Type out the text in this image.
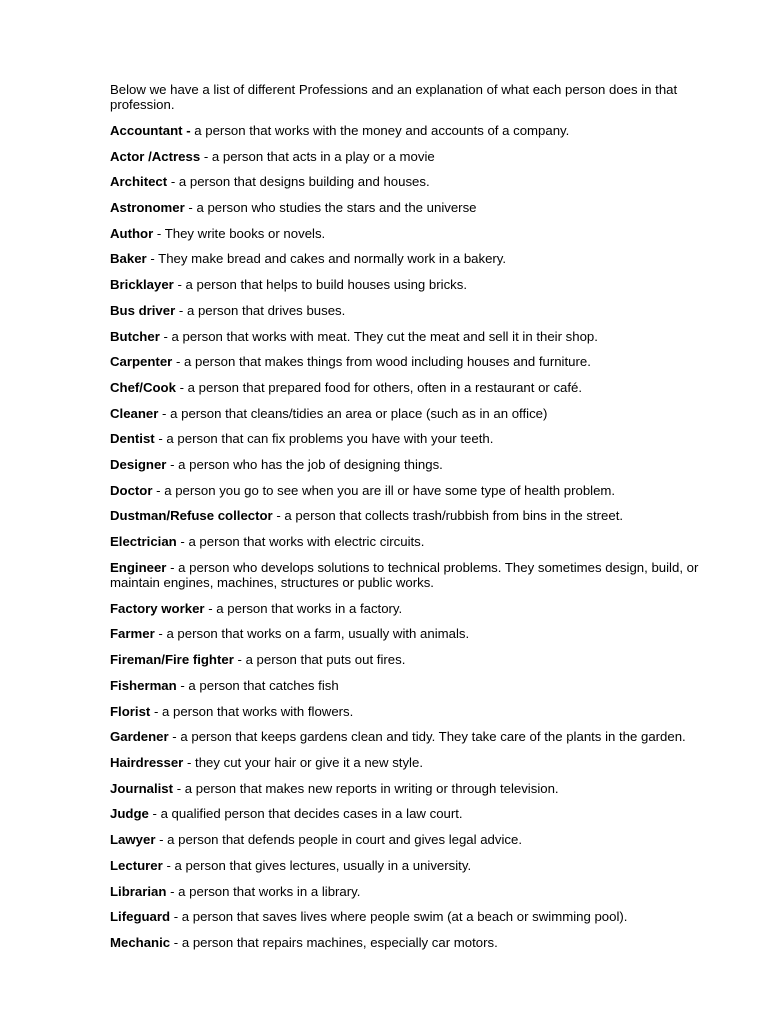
Below we have a list of different Professions and an explanation of what each person does in that profession.

Accountant - a person that works with the money and accounts of a company.

Actor /Actress - a person that acts in a play or a movie

Architect - a person that designs building and houses.

Astronomer - a person who studies the stars and the universe

Author - They write books or novels.

Baker - They make bread and cakes and normally work in a bakery.

Bricklayer - a person that helps to build houses using bricks.

Bus driver - a person that drives buses.

Butcher - a person that works with meat. They cut the meat and sell it in their shop.

Carpenter - a person that makes things from wood including houses and furniture.

Chef/Cook - a person that prepared food for others, often in a restaurant or café.

Cleaner - a person that cleans/tidies an area or place (such as in an office)

Dentist - a person that can fix problems you have with your teeth.

Designer - a person who has the job of designing things.

Doctor - a person you go to see when you are ill or have some type of health problem.

Dustman/Refuse collector - a person that collects trash/rubbish from bins in the street.

Electrician - a person that works with electric circuits.

Engineer - a person who develops solutions to technical problems. They sometimes design, build, or maintain engines, machines, structures or public works.

Factory worker - a person that works in a factory.

Farmer - a person that works on a farm, usually with animals.

Fireman/Fire fighter - a person that puts out fires.

Fisherman - a person that catches fish

Florist - a person that works with flowers.

Gardener - a person that keeps gardens clean and tidy. They take care of the plants in the garden.

Hairdresser - they cut your hair or give it a new style.

Journalist - a person that makes new reports in writing or through television.

Judge - a qualified person that decides cases in a law court.

Lawyer - a person that defends people in court and gives legal advice.

Lecturer - a person that gives lectures, usually in a university.

Librarian - a person that works in a library.

Lifeguard - a person that saves lives where people swim (at a beach or swimming pool).

Mechanic - a person that repairs machines, especially car motors.
